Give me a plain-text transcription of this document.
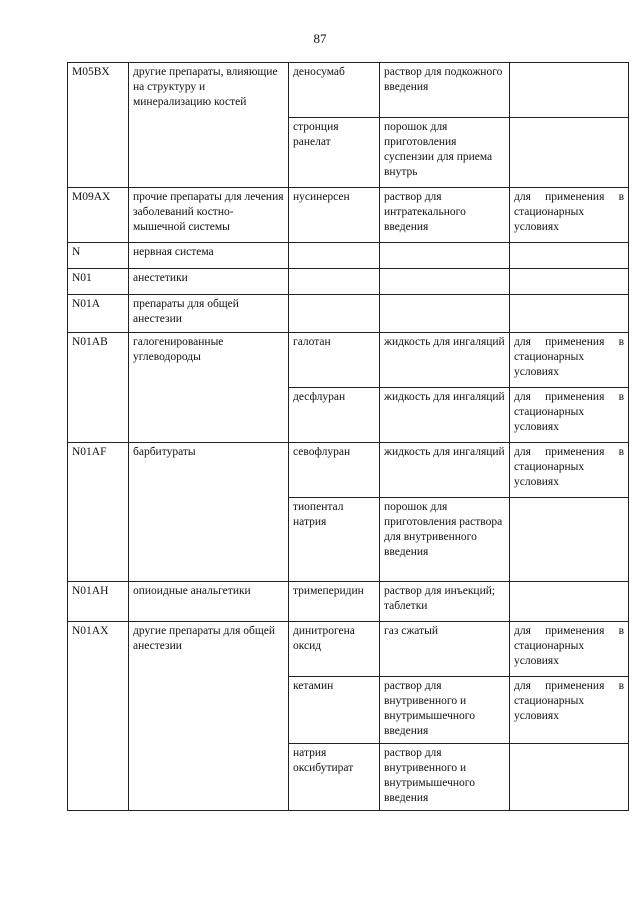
87
M05BX	другие препараты, влияющие на структуру и минерализацию костей	деносумаб	раствор для подкожного введения	
		стронция ранелат	порошок для приготовления суспензии для приема внутрь	
M09AX	прочие препараты для лечения заболеваний костно-мышечной системы	нусинерсен	раствор для интратекального введения	для применения в стационарных условиях
N	нервная система			
N01	анестетики			
N01A	препараты для общей анестезии			
N01AB	галогенированные углеводороды	галотан	жидкость для ингаляций	для применения в стационарных условиях
		десфлуран	жидкость для ингаляций	для применения в стационарных условиях
N01AF	барбитураты	севофлуран	жидкость для ингаляций	для применения в стационарных условиях
		тиопентал натрия	порошок для приготовления раствора для внутривенного введения	
N01AH	опиоидные анальгетики	тримеперидин	раствор для инъекций; таблетки	
N01AX	другие препараты для общей анестезии	динитрогена оксид	газ сжатый	для применения в стационарных условиях
		кетамин	раствор для внутривенного и внутримышечного введения	для применения в стационарных условиях
		натрия оксибутират	раствор для внутривенного и внутримышечного введения	
